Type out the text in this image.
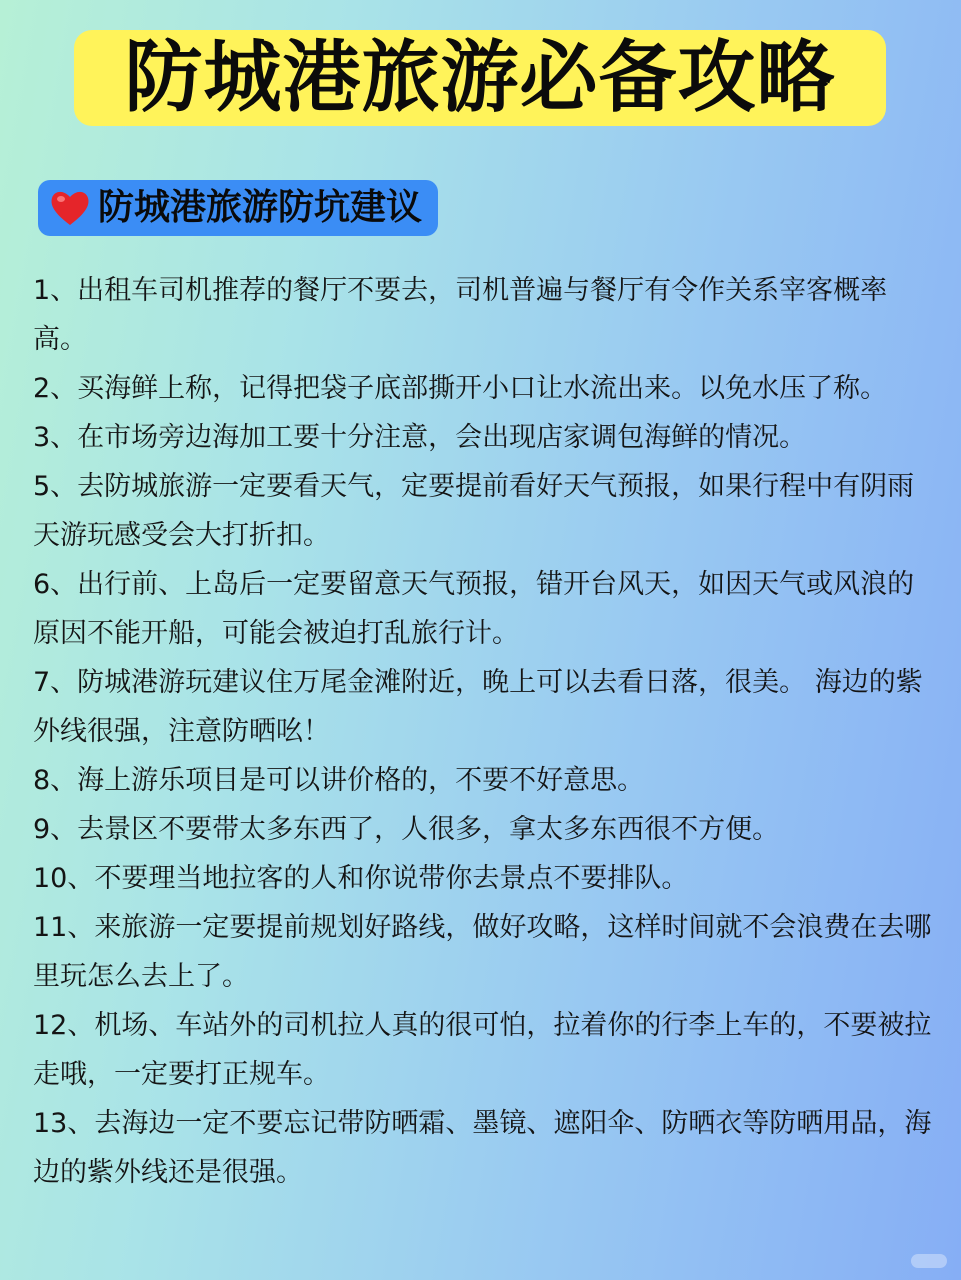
防城港旅游必备攻略
防城港旅游防坑建议
1、出租车司机推荐的餐厅不要去，司机普遍与餐厅有令作关系宰客概率高。
2、买海鲜上称，记得把袋子底部撕开小口让水流出来。以免水压了称。
3、在市场旁边海加工要十分注意，会出现店家调包海鲜的情况。
5、去防城旅游一定要看天气，定要提前看好天气预报，如果行程中有阴雨天游玩感受会大打折扣。
6、出行前、上岛后一定要留意天气预报，错开台风天，如因天气或风浪的原因不能开船，可能会被迫打乱旅行计。
7、防城港游玩建议住万尾金滩附近，晚上可以去看日落，很美。 海边的紫外线很强，注意防晒吆！
8、海上游乐项目是可以讲价格的，不要不好意思。
9、去景区不要带太多东西了，人很多，拿太多东西很不方便。
10、不要理当地拉客的人和你说带你去景点不要排队。
11、来旅游一定要提前规划好路线，做好攻略，这样时间就不会浪费在去哪里玩怎么去上了。
12、机场、车站外的司机拉人真的很可怕，拉着你的行李上车的，不要被拉走哦，一定要打正规车。
13、去海边一定不要忘记带防晒霜、墨镜、遮阳伞、防晒衣等防晒用品，海边的紫外线还是很强。
